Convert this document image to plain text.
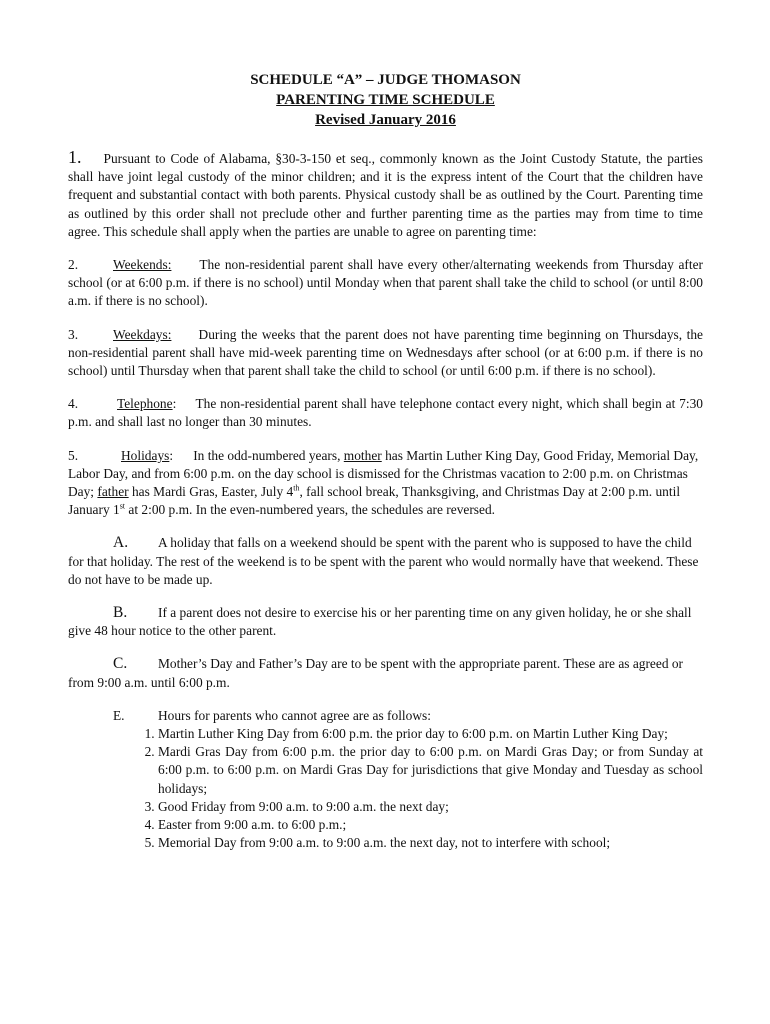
SCHEDULE “A” – JUDGE THOMASON
PARENTING TIME SCHEDULE
Revised January 2016

1. Pursuant to Code of Alabama, §30-3-150 et seq., commonly known as the Joint Custody Statute, the parties shall have joint legal custody of the minor children; and it is the express intent of the Court that the children have frequent and substantial contact with both parents. Physical custody shall be as outlined by the Court. Parenting time as outlined by this order shall not preclude other and further parenting time as the parties may from time to time agree. This schedule shall apply when the parties are unable to agree on parenting time:

2.	Weekends: The non-residential parent shall have every other/alternating weekends from Thursday after school (or at 6:00 p.m. if there is no school) until Monday when that parent shall take the child to school (or until 8:00 a.m. if there is no school).

3.	Weekdays: During the weeks that the parent does not have parenting time beginning on Thursdays, the non-residential parent shall have mid-week parenting time on Wednesdays after school (or at 6:00 p.m. if there is no school) until Thursday when that parent shall take the child to school (or until 6:00 p.m. if there is no school).

4.	Telephone: The non-residential parent shall have telephone contact every night, which shall begin at 7:30 p.m. and shall last no longer than 30 minutes.

5.	Holidays: In the odd-numbered years, mother has Martin Luther King Day, Good Friday, Memorial Day, Labor Day, and from 6:00 p.m. on the day school is dismissed for the Christmas vacation to 2:00 p.m. on Christmas Day; father has Mardi Gras, Easter, July 4th, fall school break, Thanksgiving, and Christmas Day at 2:00 p.m. until January 1st at 2:00 p.m. In the even-numbered years, the schedules are reversed.

A. A holiday that falls on a weekend should be spent with the parent who is supposed to have the child for that holiday. The rest of the weekend is to be spent with the parent who would normally have that weekend. These do not have to be made up.

B. If a parent does not desire to exercise his or her parenting time on any given holiday, he or she shall give 48 hour notice to the other parent.

C. Mother’s Day and Father’s Day are to be spent with the appropriate parent. These are as agreed or from 9:00 a.m. until 6:00 p.m.

E. Hours for parents who cannot agree are as follows:

1. Martin Luther King Day from 6:00 p.m. the prior day to 6:00 p.m. on Martin Luther King Day;
2. Mardi Gras Day from 6:00 p.m. the prior day to 6:00 p.m. on Mardi Gras Day; or from Sunday at 6:00 p.m. to 6:00 p.m. on Mardi Gras Day for jurisdictions that give Monday and Tuesday as school holidays;
3. Good Friday from 9:00 a.m. to 9:00 a.m. the next day;
4. Easter from 9:00 a.m. to 6:00 p.m.;
5. Memorial Day from 9:00 a.m. to 9:00 a.m. the next day, not to interfere with school;
